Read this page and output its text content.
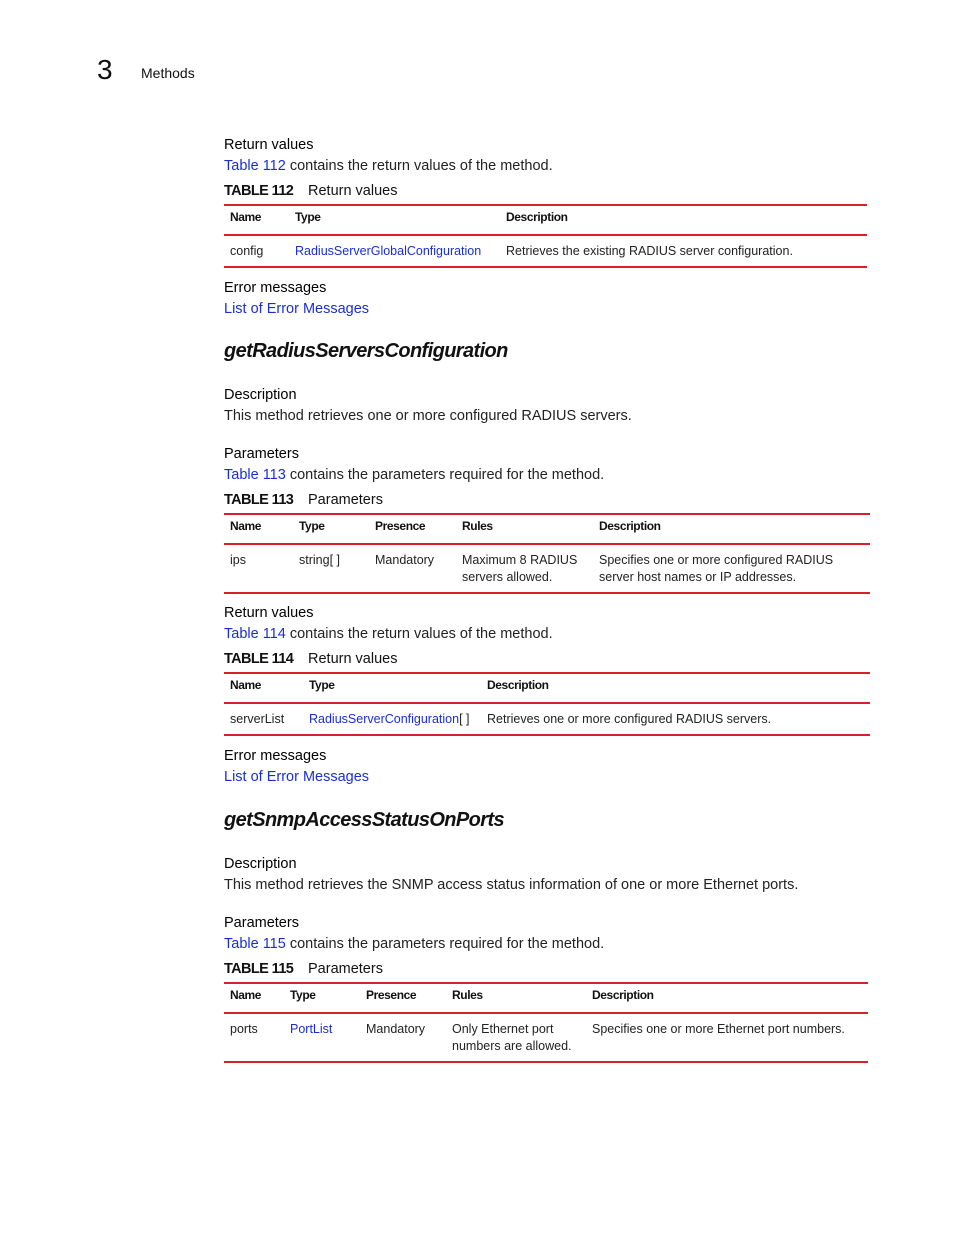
3 Methods
Return values
Table 112 contains the return values of the method.
TABLE 112 Return values
Name	Type	Description
config	RadiusServerGlobalConfiguration	Retrieves the existing RADIUS server configuration.
Error messages
List of Error Messages
getRadiusServersConfiguration
Description
This method retrieves one or more configured RADIUS servers.
Parameters
Table 113 contains the parameters required for the method.
TABLE 113 Parameters
Name	Type	Presence	Rules	Description
ips	string[ ]	Mandatory	Maximum 8 RADIUS servers allowed.	Specifies one or more configured RADIUS server host names or IP addresses.
Return values
Table 114 contains the return values of the method.
TABLE 114 Return values
Name	Type	Description
serverList	RadiusServerConfiguration[ ]	Retrieves one or more configured RADIUS servers.
Error messages
List of Error Messages
getSnmpAccessStatusOnPorts
Description
This method retrieves the SNMP access status information of one or more Ethernet ports.
Parameters
Table 115 contains the parameters required for the method.
TABLE 115 Parameters
Name	Type	Presence	Rules	Description
ports	PortList	Mandatory	Only Ethernet port numbers are allowed.	Specifies one or more Ethernet port numbers.
